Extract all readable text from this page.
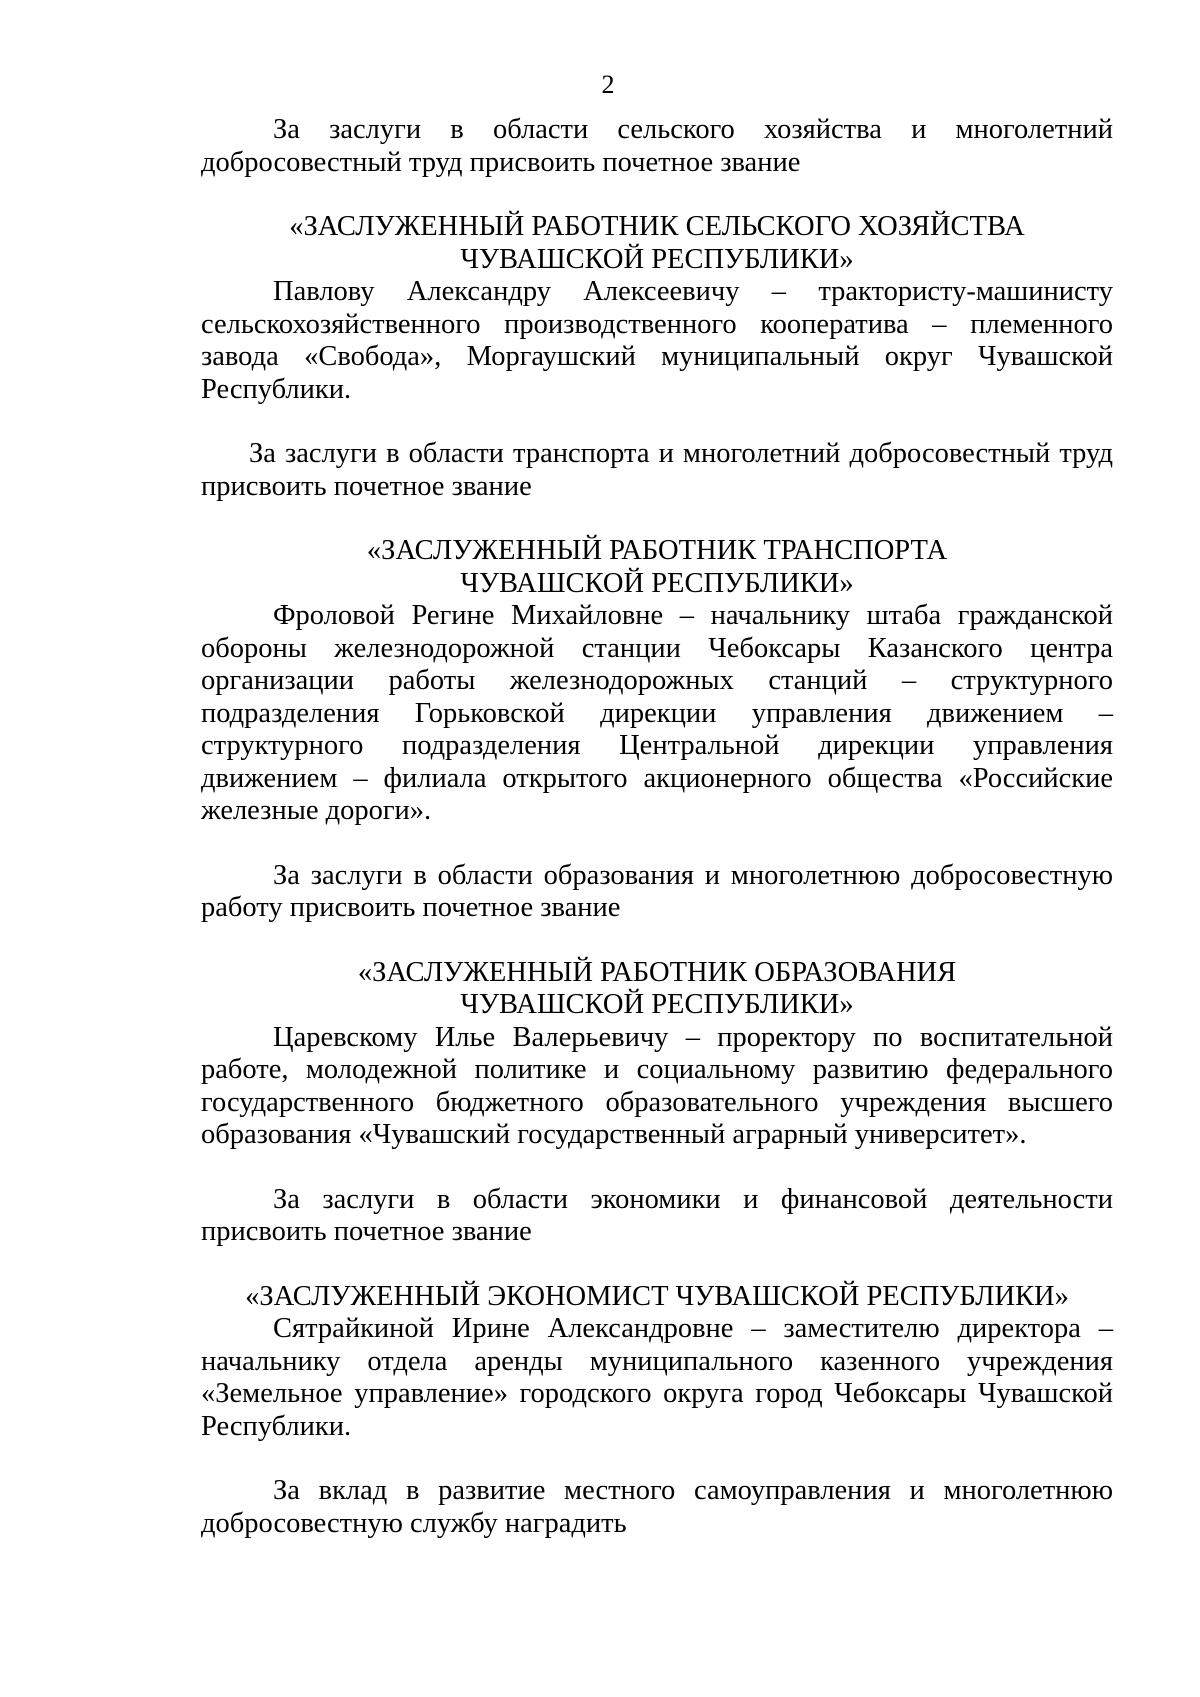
2

За заслуги в области сельского хозяйства и многолетний добросовестный труд присвоить почетное звание

«ЗАСЛУЖЕННЫЙ РАБОТНИК СЕЛЬСКОГО ХОЗЯЙСТВА
ЧУВАШСКОЙ РЕСПУБЛИКИ»

Павлову Александру Алексеевичу – трактористу-машинисту сельскохозяйственного производственного кооператива – племенного завода «Свобода», Моргаушский муниципальный округ Чувашской Республики.

За заслуги в области транспорта и многолетний добросовестный труд присвоить почетное звание

«ЗАСЛУЖЕННЫЙ РАБОТНИК ТРАНСПОРТА
ЧУВАШСКОЙ РЕСПУБЛИКИ»

Фроловой Регине Михайловне – начальнику штаба гражданской обороны железнодорожной станции Чебоксары Казанского центра организации работы железнодорожных станций – структурного подразделения Горьковской дирекции управления движением – структурного подразделения Центральной дирекции управления движением – филиала открытого акционерного общества «Российские железные дороги».

За заслуги в области образования и многолетнюю добросовестную работу присвоить почетное звание

«ЗАСЛУЖЕННЫЙ РАБОТНИК ОБРАЗОВАНИЯ
ЧУВАШСКОЙ РЕСПУБЛИКИ»

Царевскому Илье Валерьевичу – проректору по воспитательной работе, молодежной политике и социальному развитию федерального государственного бюджетного образовательного учреждения высшего образования «Чувашский государственный аграрный университет».

За заслуги в области экономики и финансовой деятельности присвоить почетное звание

«ЗАСЛУЖЕННЫЙ ЭКОНОМИСТ ЧУВАШСКОЙ РЕСПУБЛИКИ»

Сятрайкиной Ирине Александровне – заместителю директора – начальнику отдела аренды муниципального казенного учреждения «Земельное управление» городского округа город Чебоксары Чувашской Республики.

За вклад в развитие местного самоуправления и многолетнюю добросовестную службу наградить
